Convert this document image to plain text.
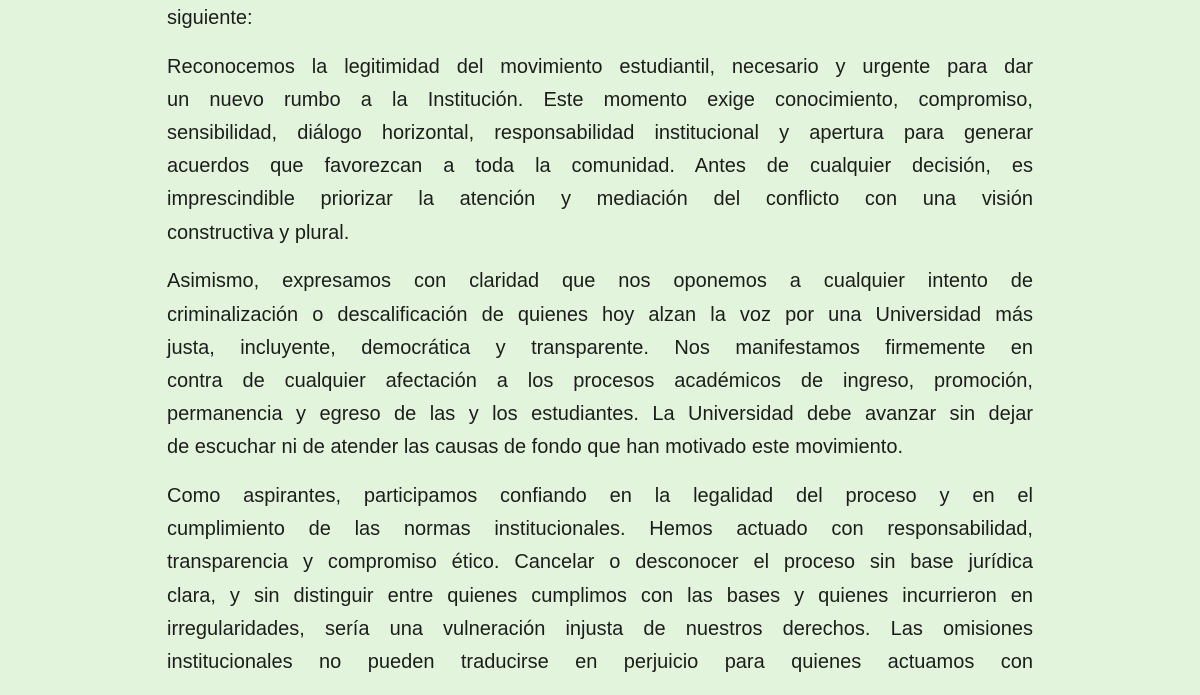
siguiente:
Reconocemos la legitimidad del movimiento estudiantil, necesario y urgente para dar
un nuevo rumbo a la Institución. Este momento exige conocimiento, compromiso,
sensibilidad, diálogo horizontal, responsabilidad institucional y apertura para generar
acuerdos que favorezcan a toda la comunidad. Antes de cualquier decisión, es
imprescindible priorizar la atención y mediación del conflicto con una visión
constructiva y plural.
Asimismo, expresamos con claridad que nos oponemos a cualquier intento de
criminalización o descalificación de quienes hoy alzan la voz por una Universidad más
justa, incluyente, democrática y transparente. Nos manifestamos firmemente en
contra de cualquier afectación a los procesos académicos de ingreso, promoción,
permanencia y egreso de las y los estudiantes. La Universidad debe avanzar sin dejar
de escuchar ni de atender las causas de fondo que han motivado este movimiento.
Como aspirantes, participamos confiando en la legalidad del proceso y en el
cumplimiento de las normas institucionales. Hemos actuado con responsabilidad,
transparencia y compromiso ético. Cancelar o desconocer el proceso sin base jurídica
clara, y sin distinguir entre quienes cumplimos con las bases y quienes incurrieron en
irregularidades, sería una vulneración injusta de nuestros derechos. Las omisiones
institucionales no pueden traducirse en perjuicio para quienes actuamos con
